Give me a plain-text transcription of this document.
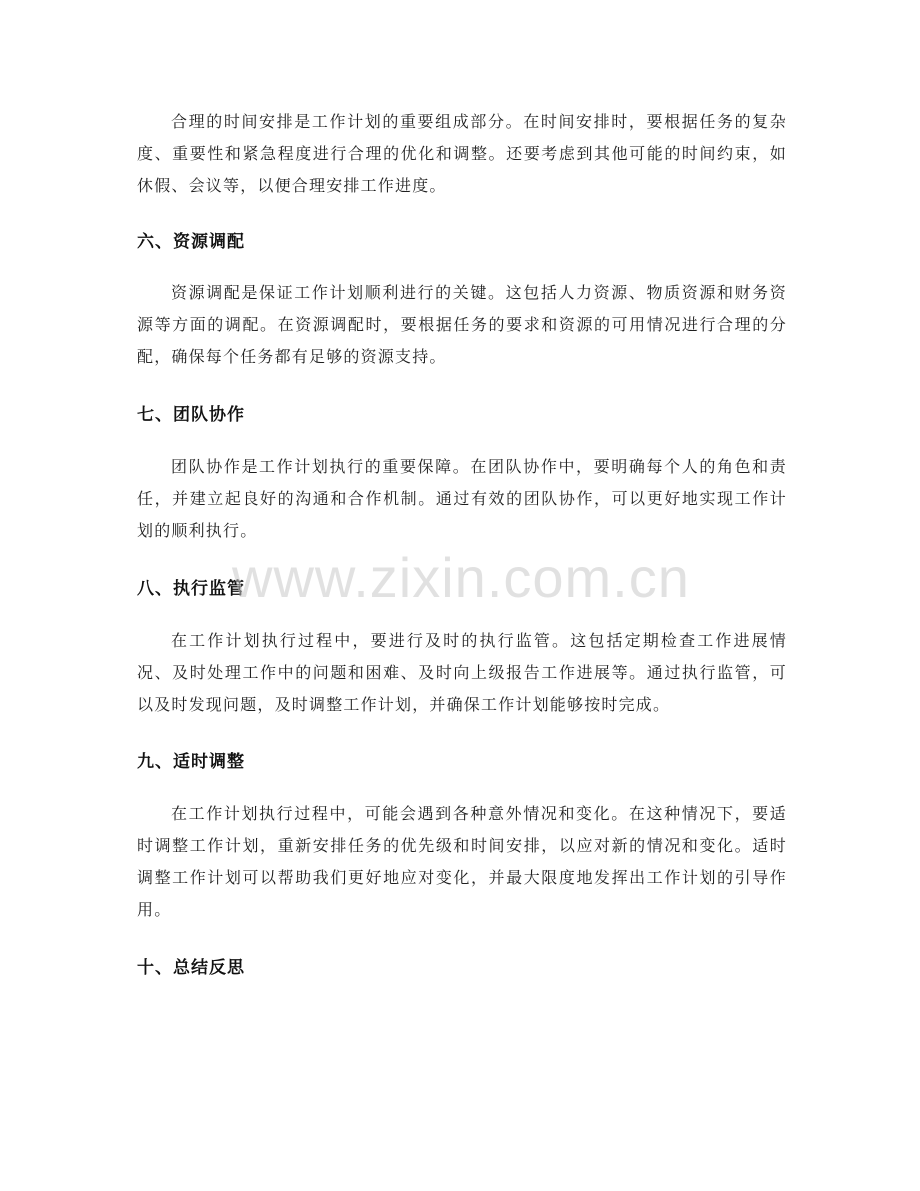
合理的时间安排是工作计划的重要组成部分。在时间安排时，要根据任务的复杂度、重要性和紧急程度进行合理的优化和调整。还要考虑到其他可能的时间约束，如休假、会议等，以便合理安排工作进度。

六、资源调配

资源调配是保证工作计划顺利进行的关键。这包括人力资源、物质资源和财务资源等方面的调配。在资源调配时，要根据任务的要求和资源的可用情况进行合理的分配，确保每个任务都有足够的资源支持。

七、团队协作

团队协作是工作计划执行的重要保障。在团队协作中，要明确每个人的角色和责任，并建立起良好的沟通和合作机制。通过有效的团队协作，可以更好地实现工作计划的顺利执行。

八、执行监管

在工作计划执行过程中，要进行及时的执行监管。这包括定期检查工作进展情况、及时处理工作中的问题和困难、及时向上级报告工作进展等。通过执行监管，可以及时发现问题，及时调整工作计划，并确保工作计划能够按时完成。

九、适时调整

在工作计划执行过程中，可能会遇到各种意外情况和变化。在这种情况下，要适时调整工作计划，重新安排任务的优先级和时间安排，以应对新的情况和变化。适时调整工作计划可以帮助我们更好地应对变化，并最大限度地发挥出工作计划的引导作用。

十、总结反思
www.zixin.com.cn
